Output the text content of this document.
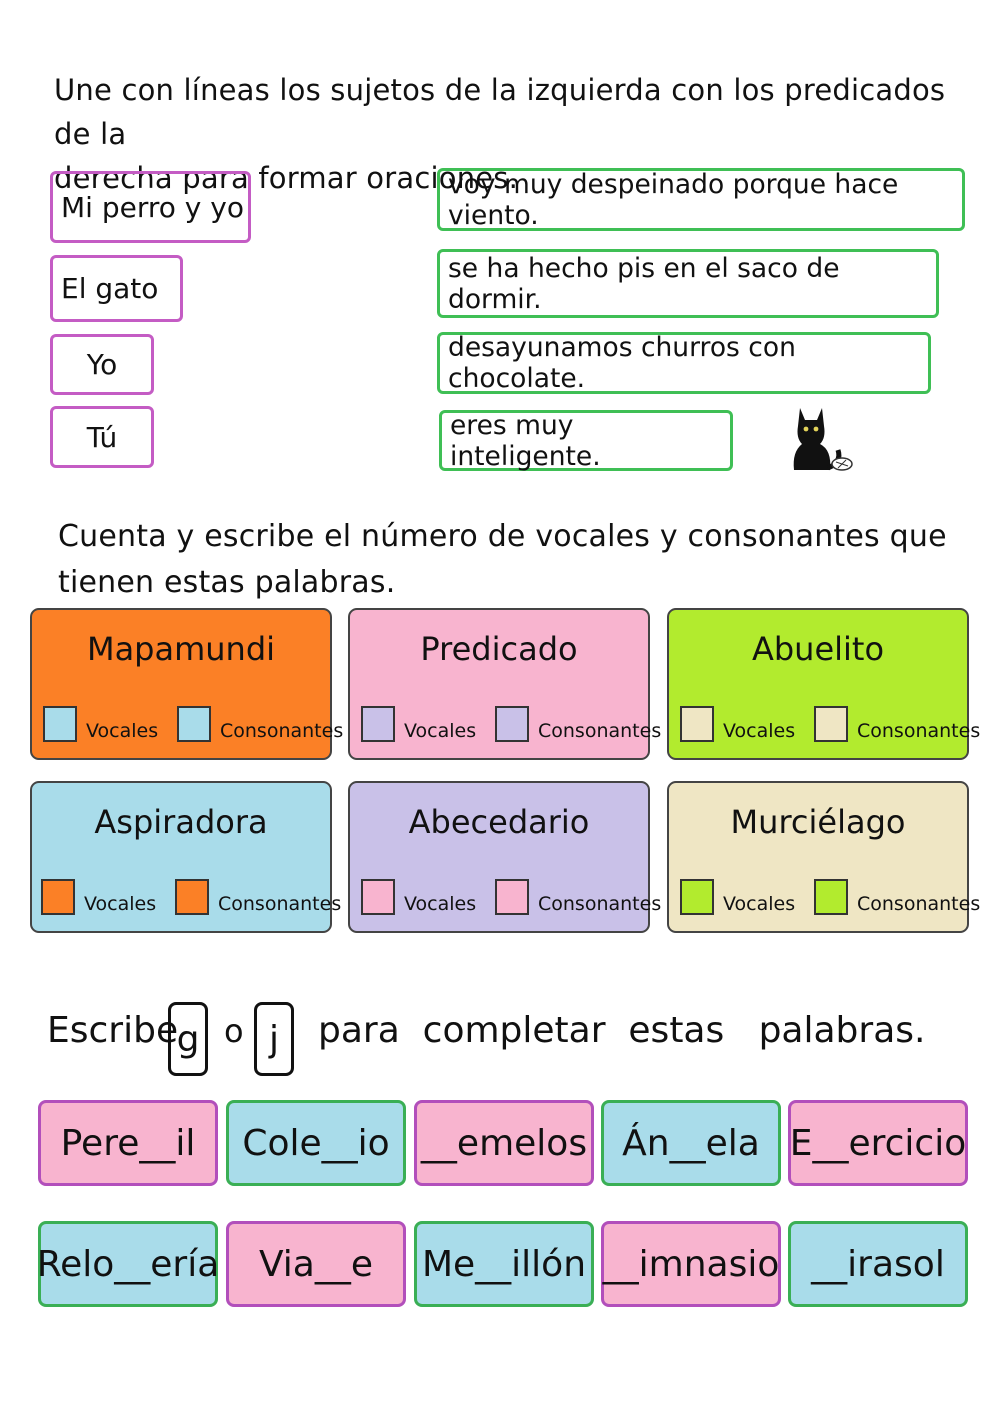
Une con líneas los sujetos de la izquierda con los predicados de la
derecha para formar oraciones.
Mi perro y yo
El gato
Yo
Tú
voy muy despeinado porque hace viento.
se ha hecho pis en el saco de dormir.
desayunamos churros con chocolate.
eres muy inteligente.
Cuenta y escribe el número de vocales y consonantes que
tienen estas palabras.
Mapamundi
Vocales	Consonantes
Predicado
Vocales	Consonantes
Abuelito
Vocales	Consonantes
Aspiradora
Vocales	Consonantes
Abecedario
Vocales	Consonantes
Murciélago
Vocales	Consonantes
Escribe
g o j	para  completar  estas   palabras.
Pere__il Cole__io __emelos Án__ela E__ercicio
Relo__ería Via__e Me__illón __imnasio __irasol
